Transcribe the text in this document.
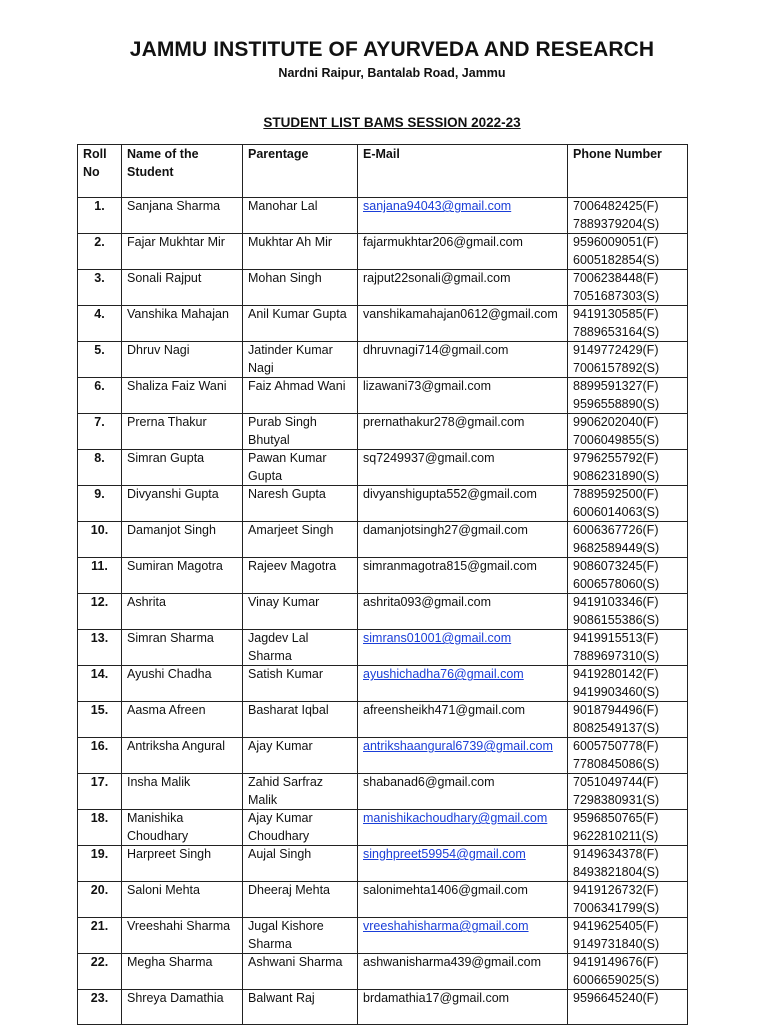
JAMMU INSTITUTE OF AYURVEDA AND RESEARCH
Nardni Raipur, Bantalab Road, Jammu
STUDENT LIST BAMS SESSION 2022-23
Roll No	Name of the Student	Parentage	E-Mail	Phone Number
1.	Sanjana Sharma	Manohar Lal	sanjana94043@gmail.com	7006482425(F)
7889379204(S)

2.	Fajar Mukhtar Mir	Mukhtar Ah Mir	fajarmukhtar206@gmail.com	9596009051(F)
6005182854(S)

3.	Sonali Rajput	Mohan Singh	rajput22sonali@gmail.com	7006238448(F)
7051687303(S)

4.	Vanshika Mahajan	Anil Kumar Gupta	vanshikamahajan0612@gmail.com	9419130585(F)
7889653164(S)

5.	Dhruv Nagi	Jatinder Kumar Nagi	dhruvnagi714@gmail.com	9149772429(F)
7006157892(S)

6.	Shaliza Faiz Wani	Faiz Ahmad Wani	lizawani73@gmail.com	8899591327(F)
9596558890(S)

7.	Prerna Thakur	Purab Singh Bhutyal	prernathakur278@gmail.com	9906202040(F)
7006049855(S)

8.	Simran Gupta	Pawan Kumar Gupta	sq7249937@gmail.com	9796255792(F)
9086231890(S)

9.	Divyanshi Gupta	Naresh Gupta	divyanshigupta552@gmail.com	7889592500(F)
6006014063(S)

10.	Damanjot Singh	Amarjeet Singh	damanjotsingh27@gmail.com	6006367726(F)
9682589449(S)

11.	Sumiran Magotra	Rajeev Magotra	simranmagotra815@gmail.com	9086073245(F)
6006578060(S)

12.	Ashrita	Vinay Kumar	ashrita093@gmail.com	9419103346(F)
9086155386(S)

13.	Simran Sharma	Jagdev Lal Sharma	simrans01001@gmail.com	9419915513(F)
7889697310(S)

14.	Ayushi Chadha	Satish Kumar	ayushichadha76@gmail.com	9419280142(F)
9419903460(S)

15.	Aasma Afreen	Basharat Iqbal	afreensheikh471@gmail.com	9018794496(F)
8082549137(S)

16.	Antriksha Angural	Ajay Kumar	antrikshaangural6739@gmail.com	6005750778(F)
7780845086(S)

17.	Insha Malik	Zahid Sarfraz Malik	shabanad6@gmail.com	7051049744(F)
7298380931(S)

18.	Manishika Choudhary	Ajay Kumar Choudhary	manishikachoudhary@gmail.com	9596850765(F)
9622810211(S)

19.	Harpreet Singh	Aujal Singh	singhpreet59954@gmail.com	9149634378(F)
8493821804(S)

20.	Saloni Mehta	Dheeraj Mehta	salonimehta1406@gmail.com	9419126732(F)
7006341799(S)

21.	Vreeshahi Sharma	Jugal Kishore Sharma	vreeshahisharma@gmail.com	9419625405(F)
9149731840(S)

22.	Megha Sharma	Ashwani Sharma	ashwanisharma439@gmail.com	9419149676(F)
6006659025(S)

23.	Shreya Damathia	Balwant Raj	brdamathia17@gmail.com	9596645240(F)
